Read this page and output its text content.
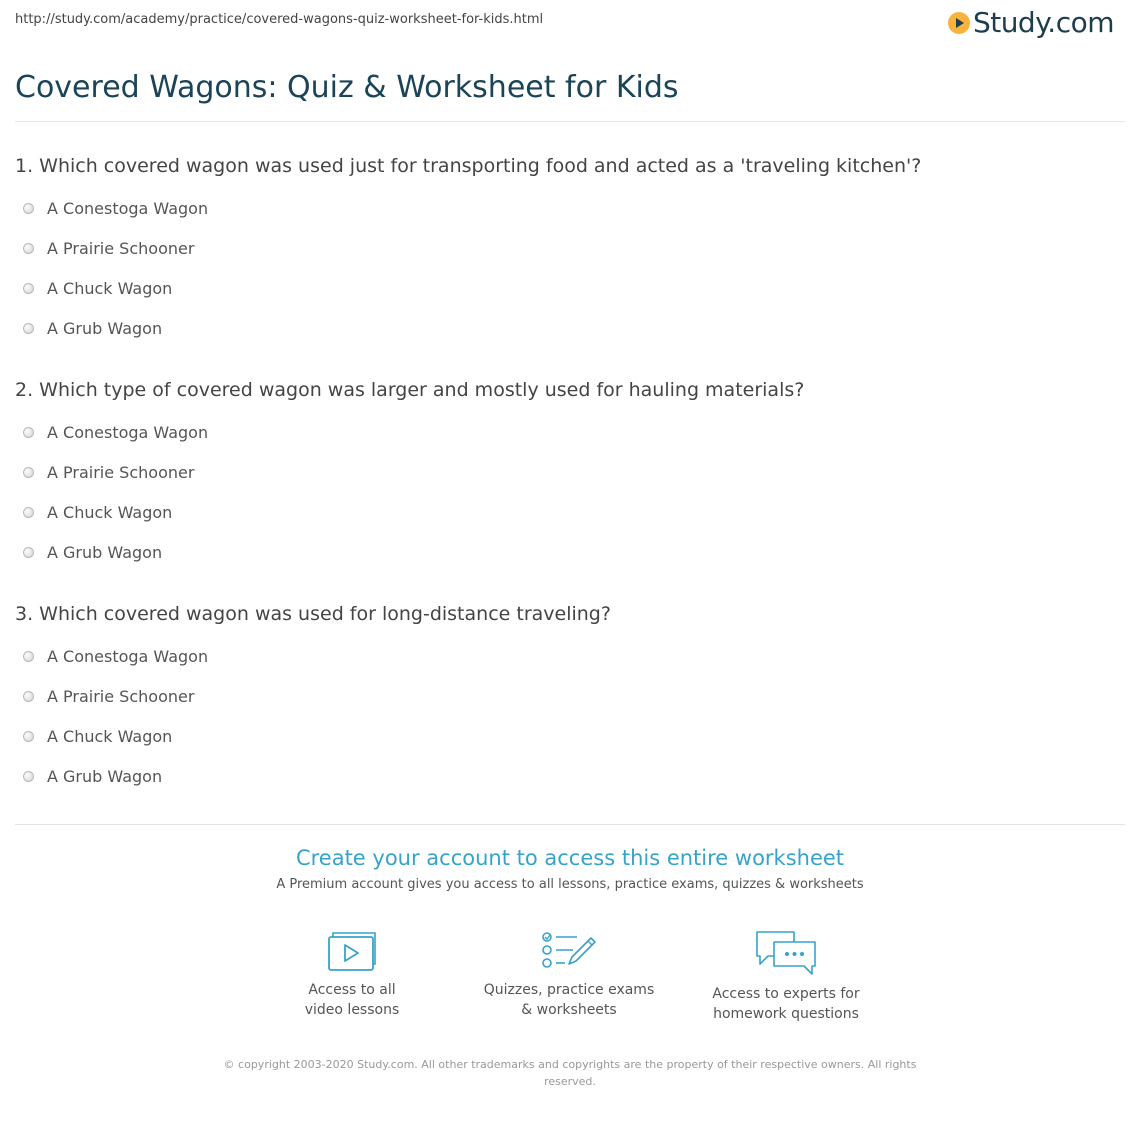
http://study.com/academy/practice/covered-wagons-quiz-worksheet-for-kids.html	Study.com
Covered Wagons: Quiz & Worksheet for Kids
1. Which covered wagon was used just for transporting food and acted as a 'traveling kitchen'?
A Conestoga Wagon
A Prairie Schooner
A Chuck Wagon
A Grub Wagon
2. Which type of covered wagon was larger and mostly used for hauling materials?
A Conestoga Wagon
A Prairie Schooner
A Chuck Wagon
A Grub Wagon
3. Which covered wagon was used for long-distance traveling?
A Conestoga Wagon
A Prairie Schooner
A Chuck Wagon
A Grub Wagon
Create your account to access this entire worksheet
A Premium account gives you access to all lessons, practice exams, quizzes & worksheets
Access to all
video lessons
Quizzes, practice exams
& worksheets
Access to experts for
homework questions
© copyright 2003-2020 Study.com. All other trademarks and copyrights are the property of their respective owners. All rights reserved.
